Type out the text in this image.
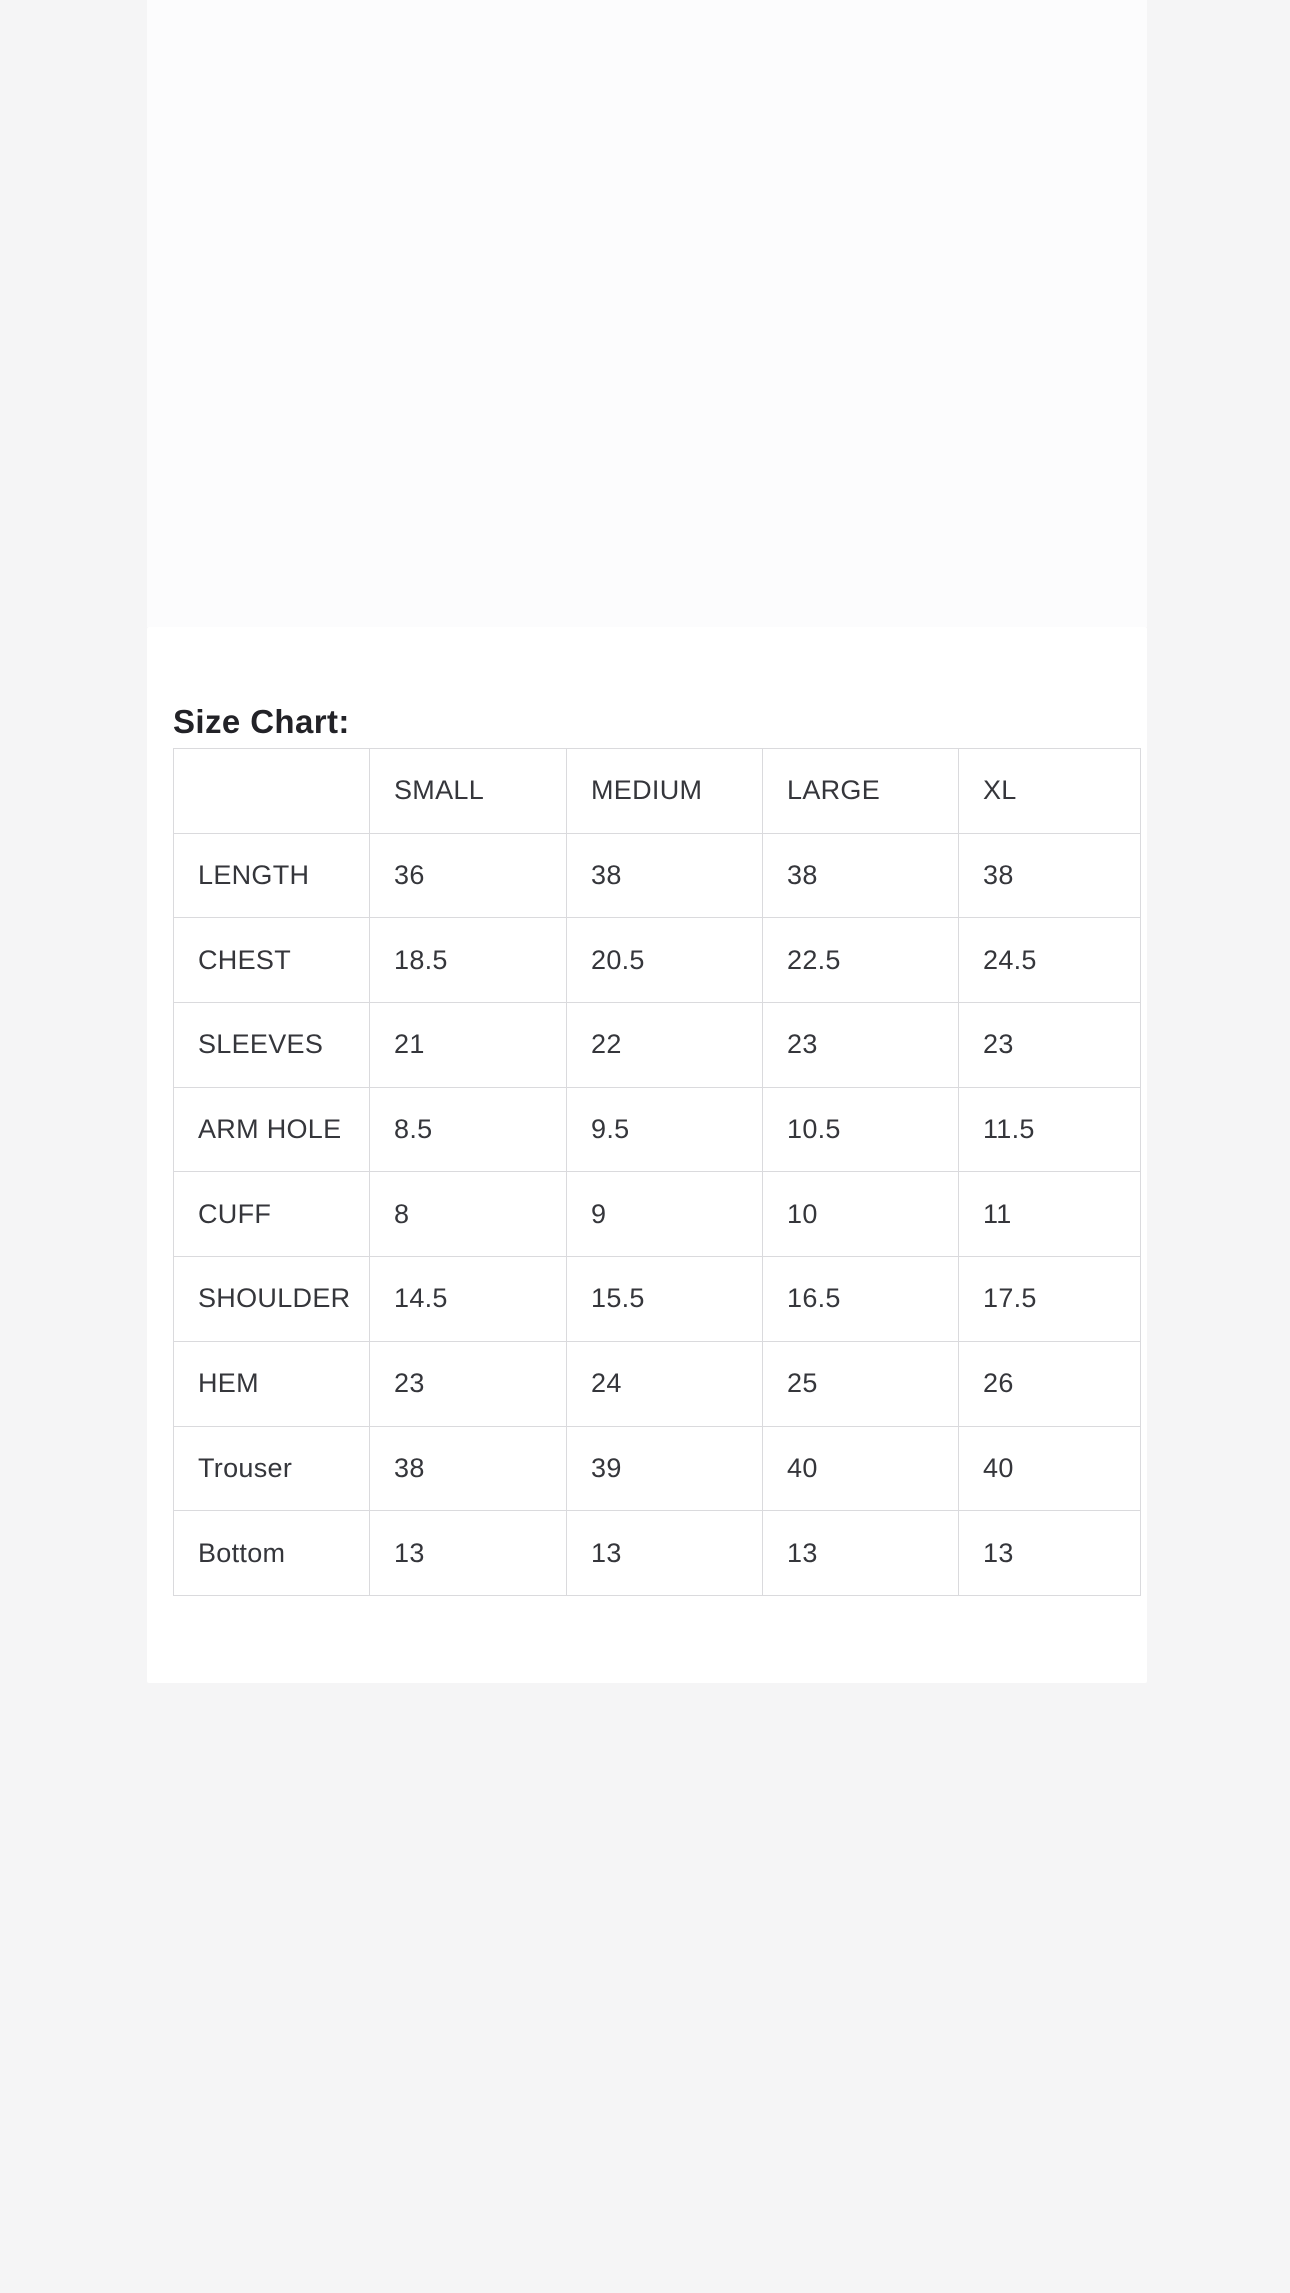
Size Chart:
	SMALL	MEDIUM	LARGE	XL
LENGTH	36	38	38	38
CHEST	18.5	20.5	22.5	24.5
SLEEVES	21	22	23	23
ARM HOLE	8.5	9.5	10.5	11.5
CUFF	8	9	10	11
SHOULDER	14.5	15.5	16.5	17.5
HEM	23	24	25	26
Trouser	38	39	40	40
Bottom	13	13	13	13
